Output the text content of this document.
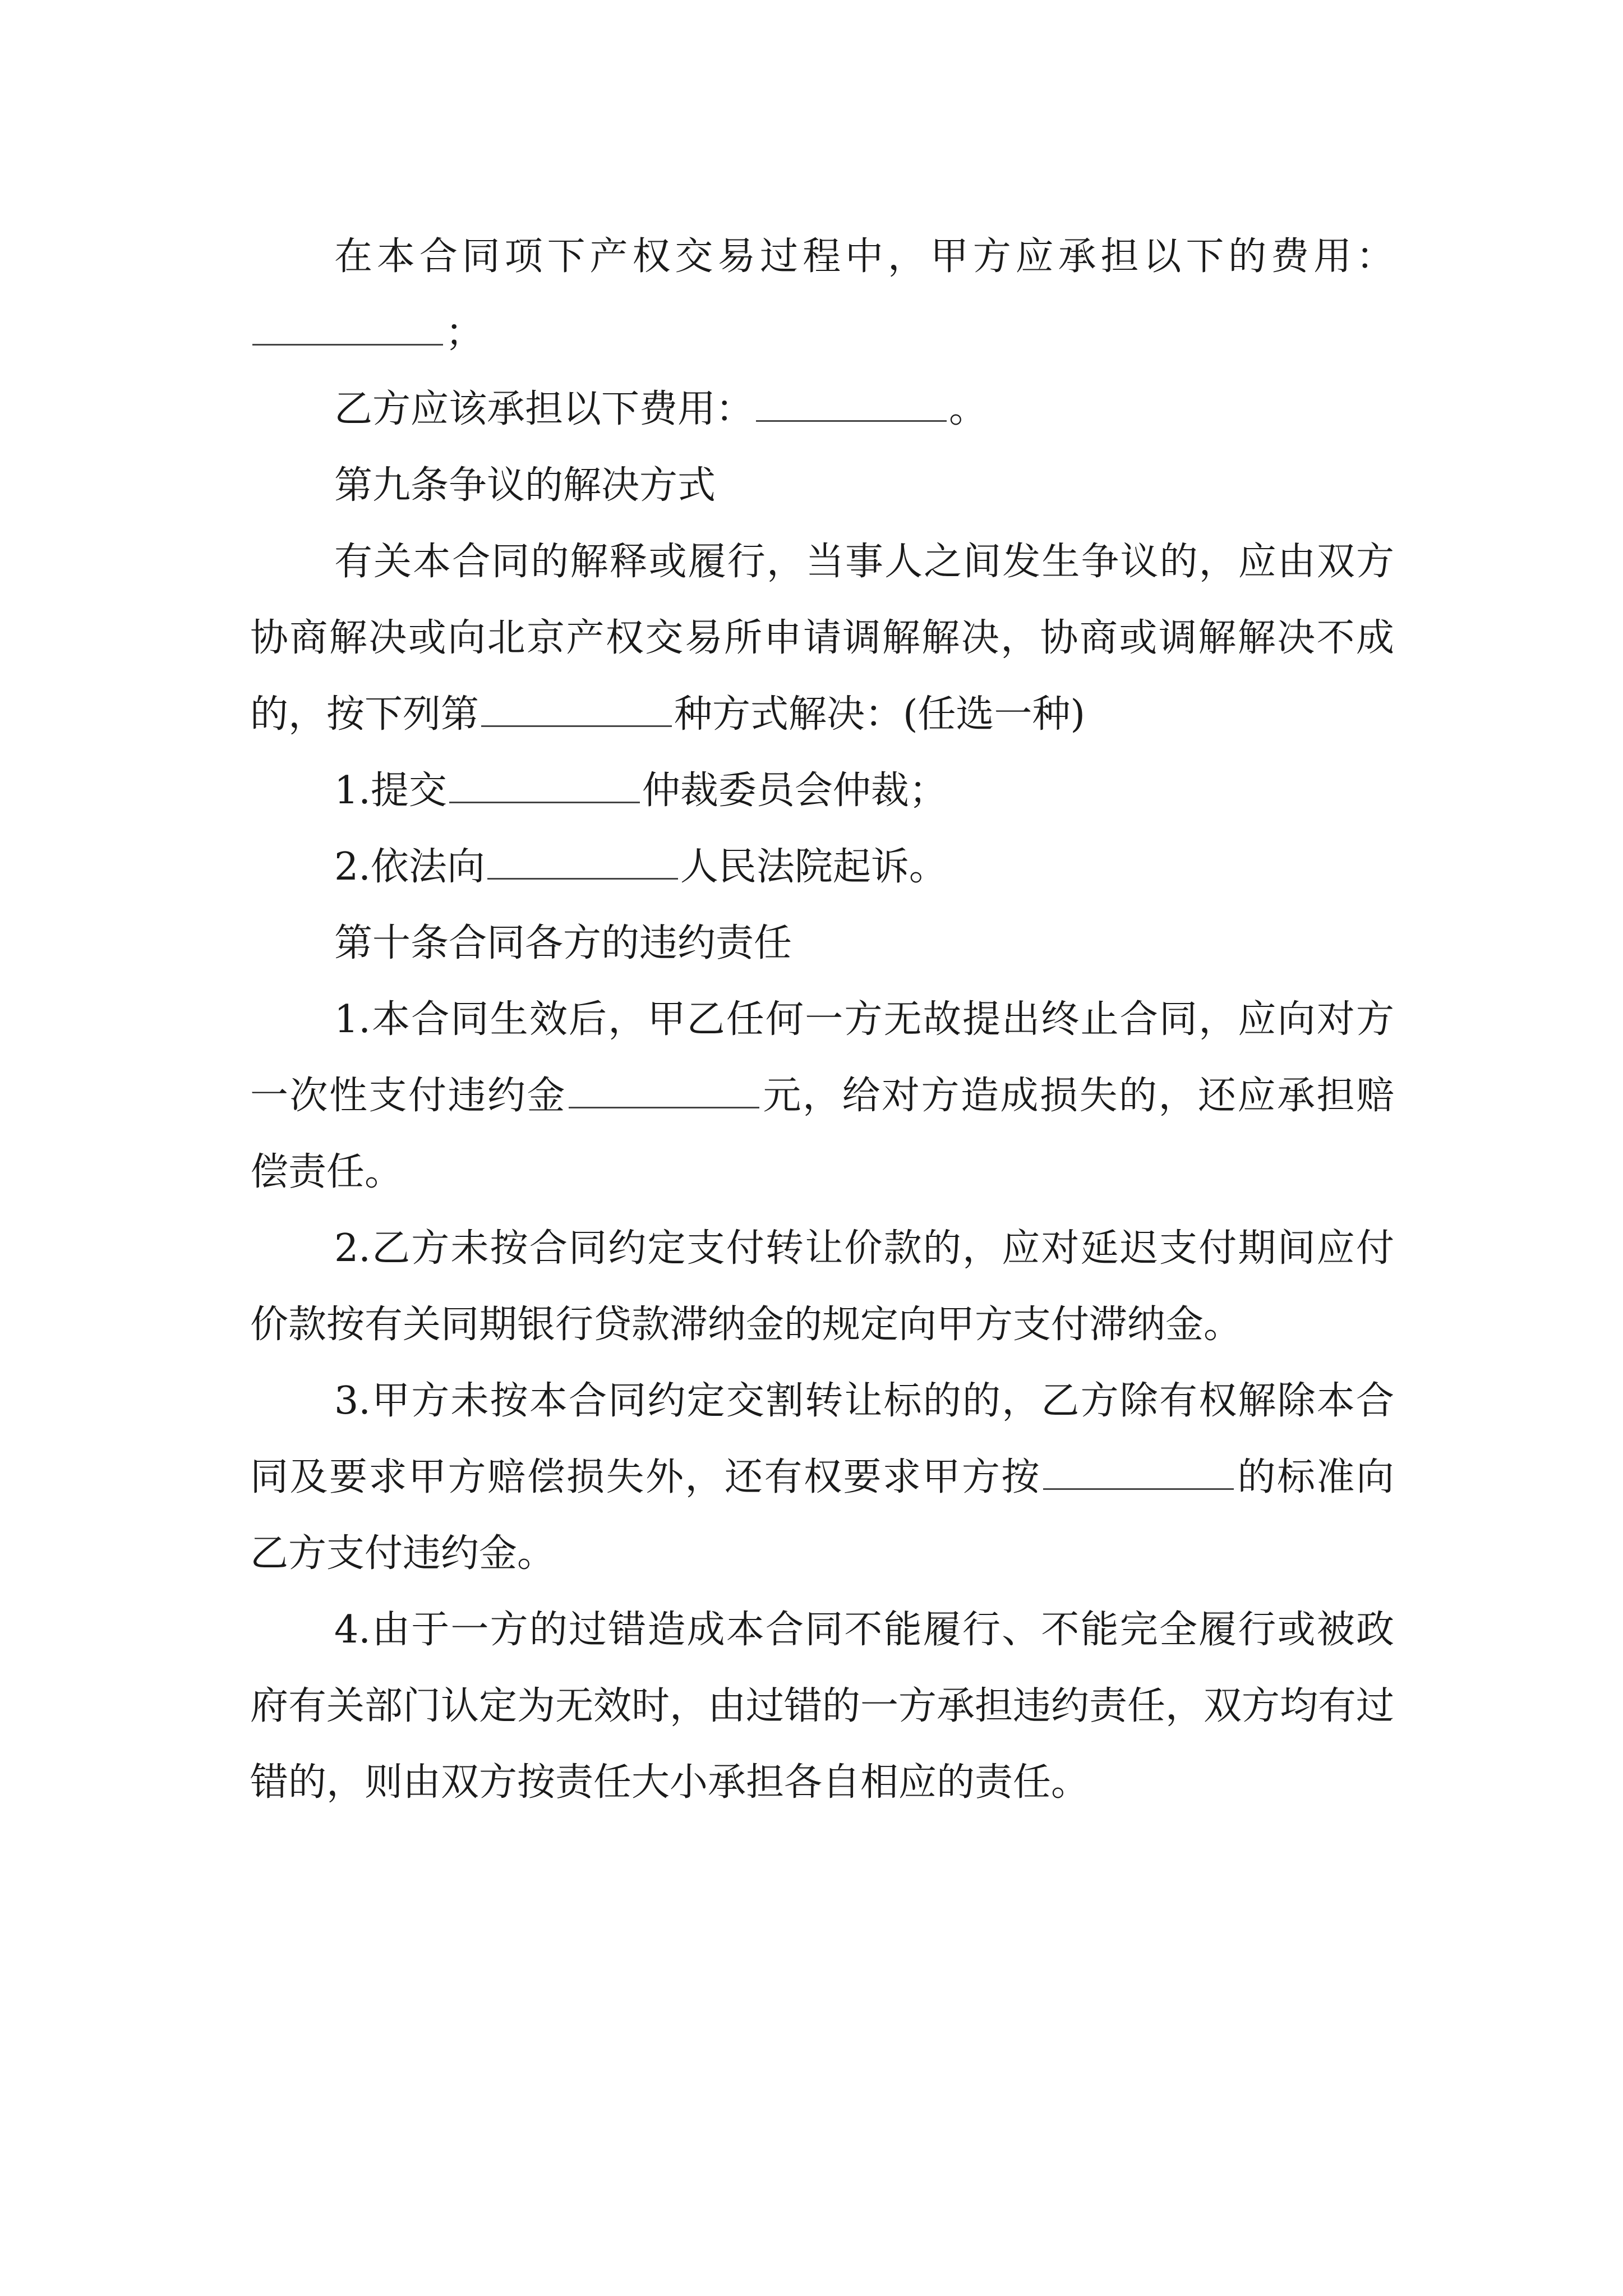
在本合同项下产权交易过程中，甲方应承担以下的费用：；

乙方应该承担以下费用：	。

第九条争议的解决方式

有关本合同的解释或履行，当事人之间发生争议的，应由双方协商解决或向北京产权交易所申请调解解决，协商或调解解决不成的，按下列第	种方式解决：(任选一种)

1.提交	仲裁委员会仲裁；

2.依法向	人民法院起诉。

第十条合同各方的违约责任

1.本合同生效后，甲乙任何一方无故提出终止合同，应向对方一次性支付违约金	元，给对方造成损失的，还应承担赔偿责任。

2.乙方未按合同约定支付转让价款的，应对延迟支付期间应付价款按有关同期银行贷款滞纳金的规定向甲方支付滞纳金。

3.甲方未按本合同约定交割转让标的的，乙方除有权解除本合同及要求甲方赔偿损失外，还有权要求甲方按	的标准向乙方支付违约金。

4.由于一方的过错造成本合同不能履行、不能完全履行或被政府有关部门认定为无效时，由过错的一方承担违约责任，双方均有过错的，则由双方按责任大小承担各自相应的责任。
